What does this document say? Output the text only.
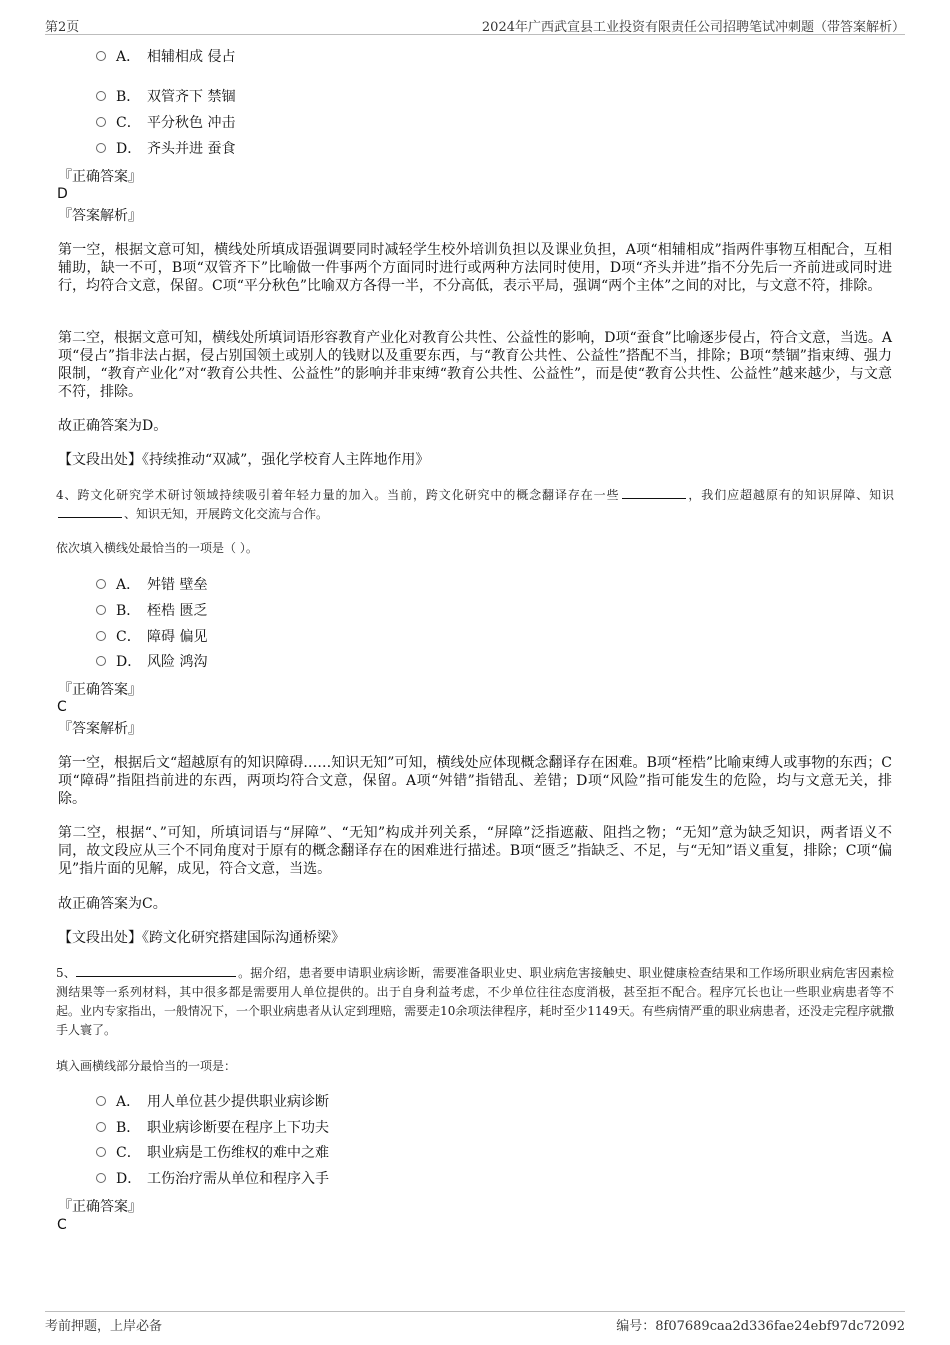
第2页	2024年广西武宣县工业投资有限责任公司招聘笔试冲刺题（带答案解析）
A． 相辅相成 侵占
B． 双管齐下 禁锢
C． 平分秋色 冲击
D． 齐头并进 蚕食
『正确答案』
D
『答案解析』
第一空，根据文意可知，横线处所填成语强调要同时减轻学生校外培训负担以及课业负担，A项“相辅相成”指两件事物互相配合，互相辅助，缺一不可，B项“双管齐下”比喻做一件事两个方面同时进行或两种方法同时使用，D项“齐头并进”指不分先后一齐前进或同时进行，均符合文意，保留。C项“平分秋色”比喻双方各得一半，不分高低，表示平局，强调“两个主体”之间的对比，与文意不符，排除。
第二空，根据文意可知，横线处所填词语形容教育产业化对教育公共性、公益性的影响，D项“蚕食”比喻逐步侵占，符合文意，当选。A项“侵占”指非法占据，侵占别国领土或别人的钱财以及重要东西，与“教育公共性、公益性”搭配不当，排除；B项“禁锢”指束缚、强力限制，“教育产业化”对“教育公共性、公益性”的影响并非束缚“教育公共性、公益性”，而是使“教育公共性、公益性”越来越少，与文意不符，排除。
故正确答案为D。
【文段出处】《持续推动“双减”，强化学校育人主阵地作用》
4、跨文化研究学术研讨领域持续吸引着年轻力量的加入。当前，跨文化研究中的概念翻译存在一些	，我们应超越原有的知识屏障、知识、知识无知，开展跨文化交流与合作。
依次填入横线处最恰当的一项是（ ）。
A． 舛错 壁垒
B． 桎梏 匮乏
C． 障碍 偏见
D． 风险 鸿沟
『正确答案』
C
『答案解析』
第一空，根据后文“超越原有的知识障碍……知识无知”可知，横线处应体现概念翻译存在困难。B项“桎梏”比喻束缚人或事物的东西；C项“障碍”指阻挡前进的东西，两项均符合文意，保留。A项“舛错”指错乱、差错；D项“风险”指可能发生的危险，均与文意无关，排除。
第二空，根据“、”可知，所填词语与“屏障”、“无知”构成并列关系，“屏障”泛指遮蔽、阻挡之物；“无知”意为缺乏知识，两者语义不同，故文段应从三个不同角度对于原有的概念翻译存在的困难进行描述。B项“匮乏”指缺乏、不足，与“无知”语义重复，排除；C项“偏见”指片面的见解，成见，符合文意，当选。
故正确答案为C。
【文段出处】《跨文化研究搭建国际沟通桥梁》
5、	。据介绍，患者要申请职业病诊断，需要准备职业史、职业病危害接触史、职业健康检查结果和工作场所职业病危害因素检测结果等一系列材料，其中很多都是需要用人单位提供的。出于自身利益考虑，不少单位往往态度消极，甚至拒不配合。程序冗长也让一些职业病患者等不起。业内专家指出，一般情况下，一个职业病患者从认定到理赔，需要走10余项法律程序，耗时至少1149天。有些病情严重的职业病患者，还没走完程序就撒手人寰了。
填入画横线部分最恰当的一项是：
A． 用人单位甚少提供职业病诊断
B． 职业病诊断要在程序上下功夫
C． 职业病是工伤维权的难中之难
D． 工伤治疗需从单位和程序入手
『正确答案』
C
考前押题，上岸必备	编号：8f07689caa2d336fae24ebf97dc72092
